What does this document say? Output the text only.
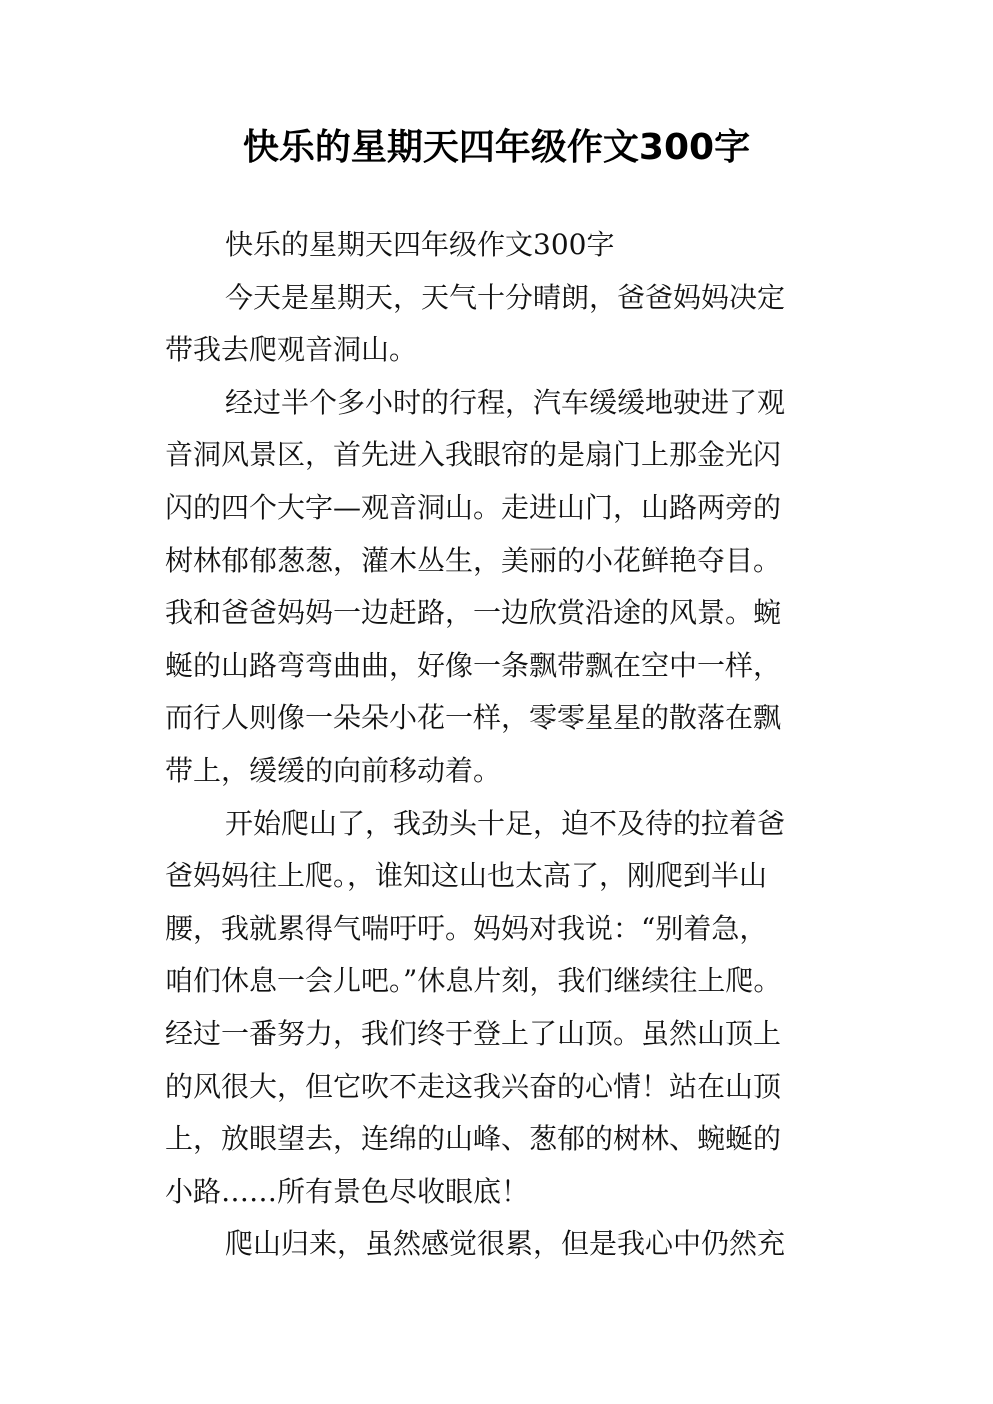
快乐的星期天四年级作文300字
快乐的星期天四年级作文300字
今天是星期天，天气十分晴朗，爸爸妈妈决定
带我去爬观音洞山。
经过半个多小时的行程，汽车缓缓地驶进了观
音洞风景区，首先进入我眼帘的是扇门上那金光闪
闪的四个大字—观音洞山。走进山门，山路两旁的
树林郁郁葱葱，灌木丛生，美丽的小花鲜艳夺目。
我和爸爸妈妈一边赶路，一边欣赏沿途的风景。蜿
蜒的山路弯弯曲曲，好像一条飘带飘在空中一样，
而行人则像一朵朵小花一样，零零星星的散落在飘
带上，缓缓的向前移动着。
开始爬山了，我劲头十足，迫不及待的拉着爸
爸妈妈往上爬。，谁知这山也太高了，刚爬到半山
腰，我就累得气喘吁吁。妈妈对我说：“别着急，
咱们休息一会儿吧。”休息片刻，我们继续往上爬。
经过一番努力，我们终于登上了山顶。虽然山顶上
的风很大，但它吹不走这我兴奋的心情！站在山顶
上，放眼望去，连绵的山峰、葱郁的树林、蜿蜒的
小路……所有景色尽收眼底！
爬山归来，虽然感觉很累，但是我心中仍然充
